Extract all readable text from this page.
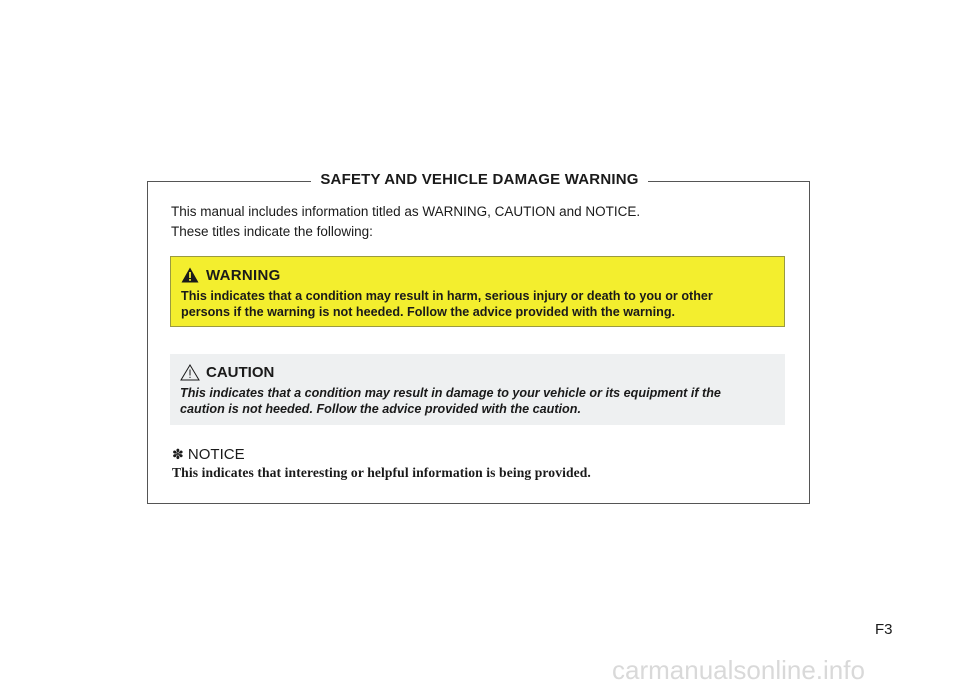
SAFETY AND VEHICLE DAMAGE WARNING
This manual includes information titled as WARNING, CAUTION and NOTICE.
These titles indicate the following:
WARNING
This indicates that a condition may result in harm, serious injury or death to you or other
persons if the warning is not heeded. Follow the advice provided with the warning.
CAUTION
This indicates that a condition may result in damage to your vehicle or its equipment if the
caution is not heeded. Follow the advice provided with the caution.
✽ NOTICE
This indicates that interesting or helpful information is being provided.
F3
carmanualsonline.info
